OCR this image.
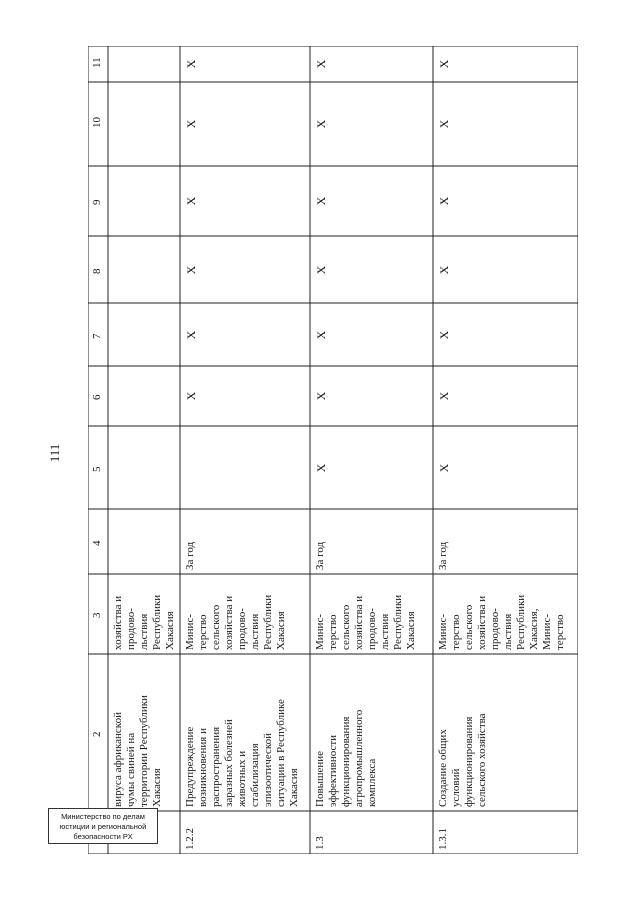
111
2
3
4
5
6
7
8
9
10
11
вируса африканской
чумы свиней на
территории Республики
Хакасия
хозяйства и
продово-
льствия
Республики
Хакасия
1.2.2
Предупреждение
возникновения и
распространения
заразных болезней
животных и
стабилизация
эпизоотической
ситуации в Республике
Хакасия
Минис-
терство
сельского
хозяйства и
продово-
льствия
Республики
Хакасия
За год
X
X
X
X
X
X
1.3
Повышение
эффективности
функционирования
агропромышленного
комплекса
Минис-
терство
сельского
хозяйства и
продово-
льствия
Республики
Хакасия
За год
X
X
X
X
X
X
X
1.3.1
Создание общих
условий
функционирования
сельского хозяйства
Минис-
терство
сельского
хозяйства и
продово-
льствия
Республики
Хакасия,
Минис-
терство
За год
X
X
X
X
X
X
X
Министерство по делам
юстиции и региональной
безопасности РХ
